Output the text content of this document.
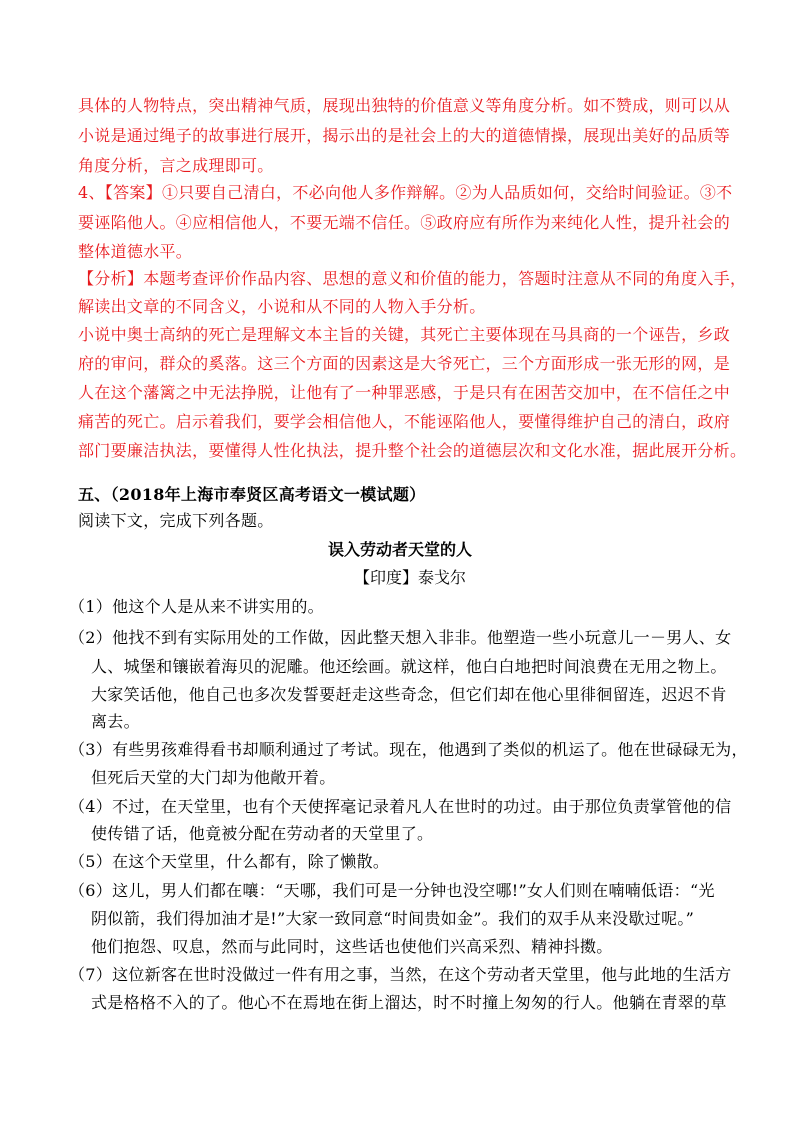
具体的人物特点，突出精神气质，展现出独特的价值意义等角度分析。如不赞成，则可以从
小说是通过绳子的故事进行展开，揭示出的是社会上的大的道德情操，展现出美好的品质等
角度分析，言之成理即可。
4、【答案】①只要自己清白，不必向他人多作辩解。②为人品质如何，交给时间验证。③不
要诬陷他人。④应相信他人，不要无端不信任。⑤政府应有所作为来纯化人性，提升社会的
整体道德水平。
【分析】本题考查评价作品内容、思想的意义和价值的能力，答题时注意从不同的角度入手，
解读出文章的不同含义，小说和从不同的人物入手分析。
小说中奥士高纳的死亡是理解文本主旨的关键，其死亡主要体现在马具商的一个诬告，乡政
府的审问，群众的奚落。这三个方面的因素这是大爷死亡，三个方面形成一张无形的网，是
人在这个藩篱之中无法挣脱，让他有了一种罪恶感，于是只有在困苦交加中，在不信任之中
痛苦的死亡。启示着我们，要学会相信他人，不能诬陷他人，要懂得维护自己的清白，政府
部门要廉洁执法，要懂得人性化执法，提升整个社会的道德层次和文化水准，据此展开分析。
五、（2018年上海市奉贤区高考语文一模试题）
阅读下文，完成下列各题。
误入劳动者天堂的人
【印度】泰戈尔
（1）他这个人是从来不讲实用的。
（2）他找不到有实际用处的工作做，因此整天想入非非。他塑造一些小玩意儿一－男人、女
人、城堡和镶嵌着海贝的泥雕。他还绘画。就这样，他白白地把时间浪费在无用之物上。
大家笑话他，他自己也多次发誓要赶走这些奇念，但它们却在他心里徘徊留连，迟迟不肯
离去。
（3）有些男孩难得看书却顺利通过了考试。现在，他遇到了类似的机运了。他在世碌碌无为，
但死后天堂的大门却为他敞开着。
（4）不过，在天堂里，也有个天使挥毫记录着凡人在世时的功过。由于那位负责掌管他的信
使传错了话，他竟被分配在劳动者的天堂里了。
（5）在这个天堂里，什么都有，除了懒散。
（6）这儿，男人们都在嚷：“天哪，我们可是一分钟也没空哪!”女人们则在喃喃低语：“光
阴似箭，我们得加油才是!”大家一致同意“时间贵如金”。我们的双手从来没歇过呢。”
他们抱怨、叹息，然而与此同时，这些话也使他们兴高采烈、精神抖擞。
（7）这位新客在世时没做过一件有用之事，当然，在这个劳动者天堂里，他与此地的生活方
式是格格不入的了。他心不在焉地在街上溜达，时不时撞上匆匆的行人。他躺在青翠的草
